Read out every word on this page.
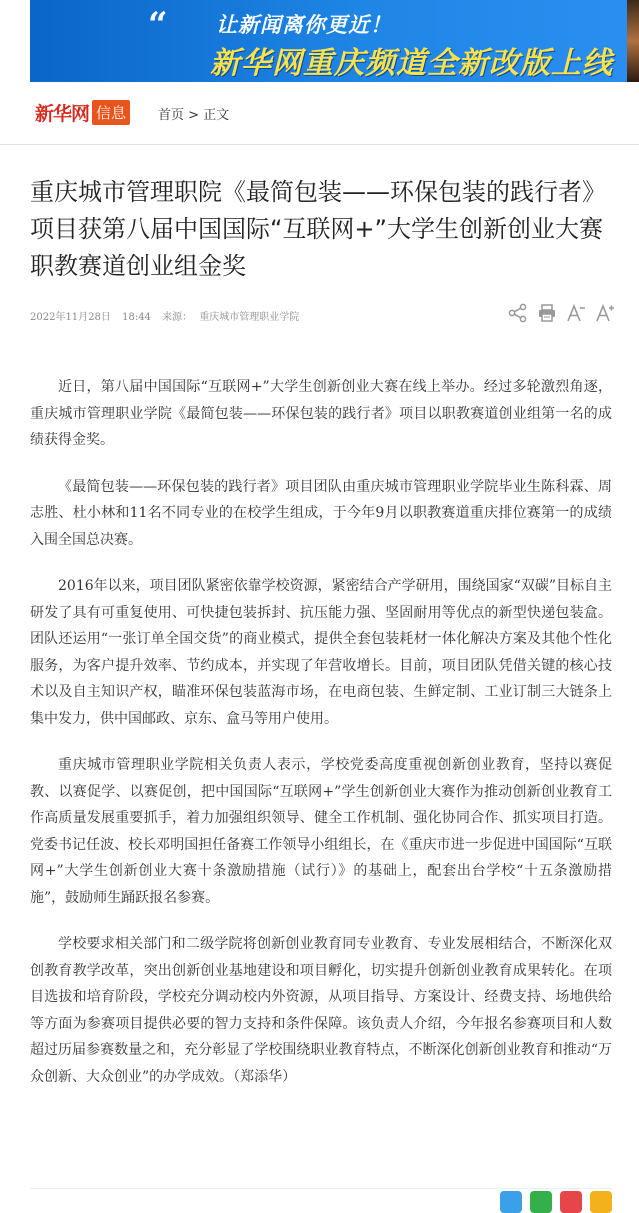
“ 让新闻离你更近！
新华网重庆频道全新改版上线
新华网 信息	首页 > 正文
重庆城市管理职院《最简包装——环保包装的践行者》项目获第八届中国国际“互联网+”大学生创新创业大赛职教赛道创业组金奖
2022年11月28日 18:44 来源： 重庆城市管理职业学院

近日，第八届中国国际“互联网+”大学生创新创业大赛在线上举办。经过多轮激烈角逐，重庆城市管理职业学院《最简包装——环保包装的践行者》项目以职教赛道创业组第一名的成绩获得金奖。

《最简包装——环保包装的践行者》项目团队由重庆城市管理职业学院毕业生陈科霖、周志胜、杜小林和11名不同专业的在校学生组成，于今年9月以职教赛道重庆排位赛第一的成绩入围全国总决赛。

2016年以来，项目团队紧密依靠学校资源，紧密结合产学研用，围绕国家“双碳”目标自主研发了具有可重复使用、可快捷包装拆封、抗压能力强、坚固耐用等优点的新型快递包装盒。团队还运用“一张订单全国交货”的商业模式，提供全套包装耗材一体化解决方案及其他个性化服务，为客户提升效率、节约成本，并实现了年营收增长。目前，项目团队凭借关键的核心技术以及自主知识产权，瞄准环保包装蓝海市场，在电商包装、生鲜定制、工业订制三大链条上集中发力，供中国邮政、京东、盒马等用户使用。

重庆城市管理职业学院相关负责人表示，学校党委高度重视创新创业教育，坚持以赛促教、以赛促学、以赛促创，把中国国际“互联网+”学生创新创业大赛作为推动创新创业教育工作高质量发展重要抓手，着力加强组织领导、健全工作机制、强化协同合作、抓实项目打造。党委书记任波、校长邓明国担任备赛工作领导小组组长，在《重庆市进一步促进中国国际“互联网+”大学生创新创业大赛十条激励措施（试行）》的基础上，配套出台学校“十五条激励措施”，鼓励师生踊跃报名参赛。

学校要求相关部门和二级学院将创新创业教育同专业教育、专业发展相结合，不断深化双创教育教学改革，突出创新创业基地建设和项目孵化，切实提升创新创业教育成果转化。在项目选拔和培育阶段，学校充分调动校内外资源，从项目指导、方案设计、经费支持、场地供给等方面为参赛项目提供必要的智力支持和条件保障。该负责人介绍，今年报名参赛项目和人数超过历届参赛数量之和，充分彰显了学校围绕职业教育特点，不断深化创新创业教育和推动“万众创新、大众创业”的办学成效。（郑添华）
